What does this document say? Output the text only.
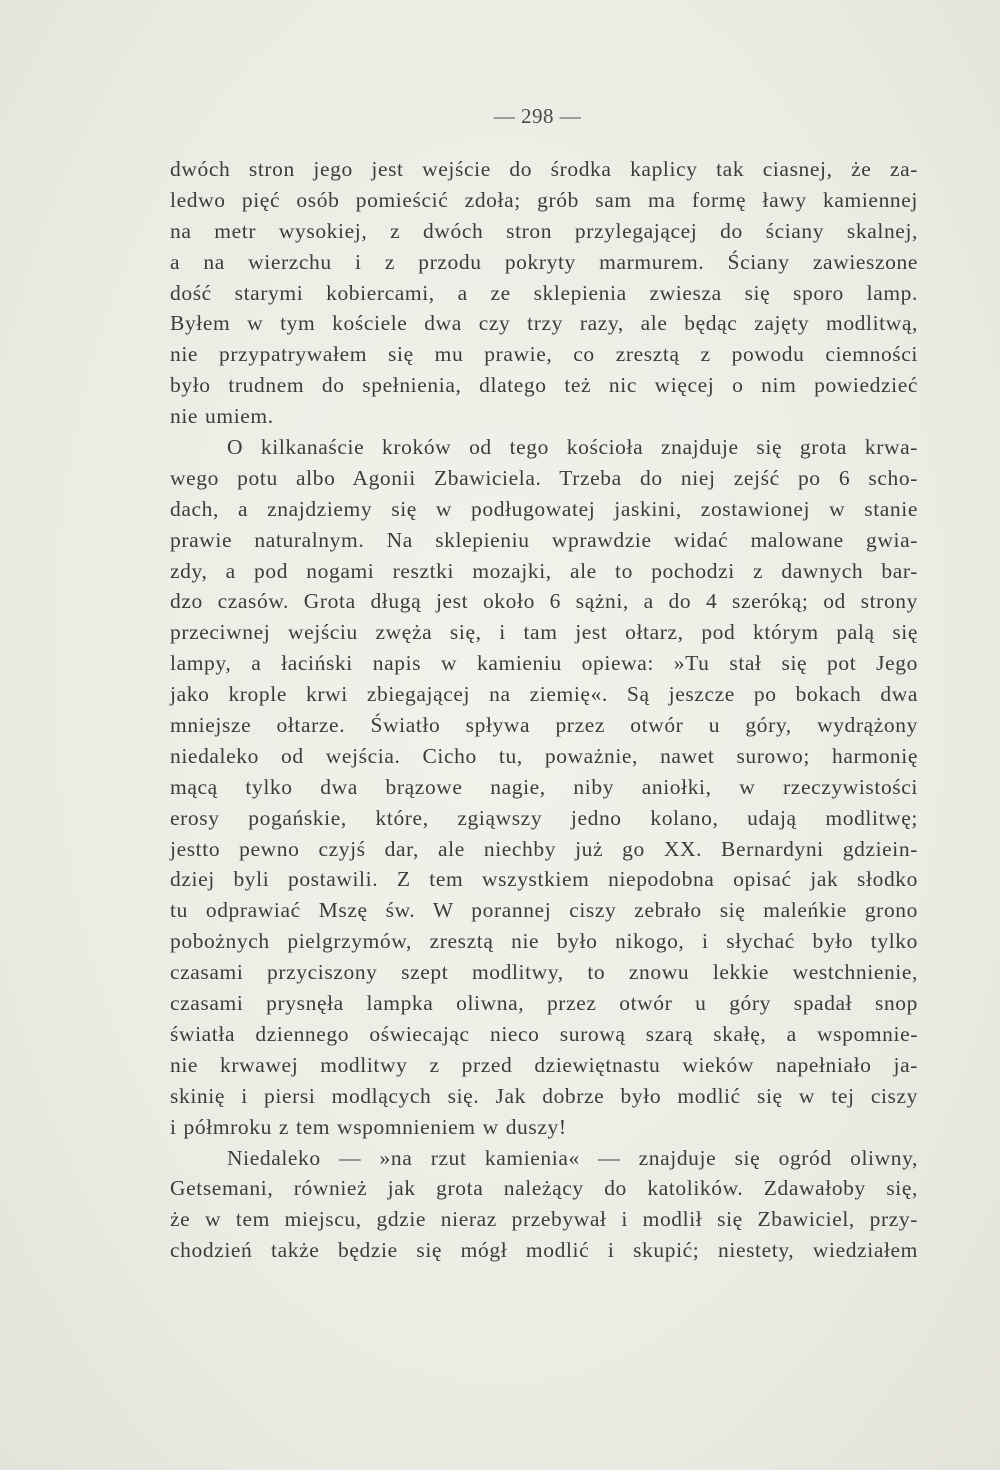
— 298 —
dwóch stron jego jest wejście do środka kaplicy tak ciasnej, że za-
ledwo pięć osób pomieścić zdoła; grób sam ma formę ławy kamiennej
na metr wysokiej, z dwóch stron przylegającej do ściany skalnej,
a na wierzchu i z przodu pokryty marmurem. Ściany zawieszone
dość starymi kobiercami, a ze sklepienia zwiesza się sporo lamp.
Byłem w tym kościele dwa czy trzy razy, ale będąc zajęty modlitwą,
nie przypatrywałem się mu prawie, co zresztą z powodu ciemności
było trudnem do spełnienia, dlatego też nic więcej o nim powiedzieć
nie umiem.
O kilkanaście kroków od tego kościoła znajduje się grota krwa-
wego potu albo Agonii Zbawiciela. Trzeba do niej zejść po 6 scho-
dach, a znajdziemy się w podługowatej jaskini, zostawionej w stanie
prawie naturalnym. Na sklepieniu wprawdzie widać malowane gwia-
zdy, a pod nogami resztki mozajki, ale to pochodzi z dawnych bar-
dzo czasów. Grota długą jest około 6 sążni, a do 4 szeróką; od strony
przeciwnej wejściu zwęża się, i tam jest ołtarz, pod którym palą się
lampy, a łaciński napis w kamieniu opiewa: »Tu stał się pot Jego
jako krople krwi zbiegającej na ziemię«. Są jeszcze po bokach dwa
mniejsze ołtarze. Światło spływa przez otwór u góry, wydrążony
niedaleko od wejścia. Cicho tu, poważnie, nawet surowo; harmonię
mącą tylko dwa brązowe nagie, niby aniołki, w rzeczywistości
erosy pogańskie, które, zgiąwszy jedno kolano, udają modlitwę;
jestto pewno czyjś dar, ale niechby już go XX. Bernardyni gdziein-
dziej byli postawili. Z tem wszystkiem niepodobna opisać jak słodko
tu odprawiać Mszę św. W porannej ciszy zebrało się maleńkie grono
pobożnych pielgrzymów, zresztą nie było nikogo, i słychać było tylko
czasami przyciszony szept modlitwy, to znowu lekkie westchnienie,
czasami prysnęła lampka oliwna, przez otwór u góry spadał snop
światła dziennego oświecając nieco surową szarą skałę, a wspomnie-
nie krwawej modlitwy z przed dziewiętnastu wieków napełniało ja-
skinię i piersi modlących się. Jak dobrze było modlić się w tej ciszy
i półmroku z tem wspomnieniem w duszy!
Niedaleko — »na rzut kamienia« — znajduje się ogród oliwny,
Getsemani, również jak grota należący do katolików. Zdawałoby się,
że w tem miejscu, gdzie nieraz przebywał i modlił się Zbawiciel, przy-
chodzień także będzie się mógł modlić i skupić; niestety, wiedziałem
